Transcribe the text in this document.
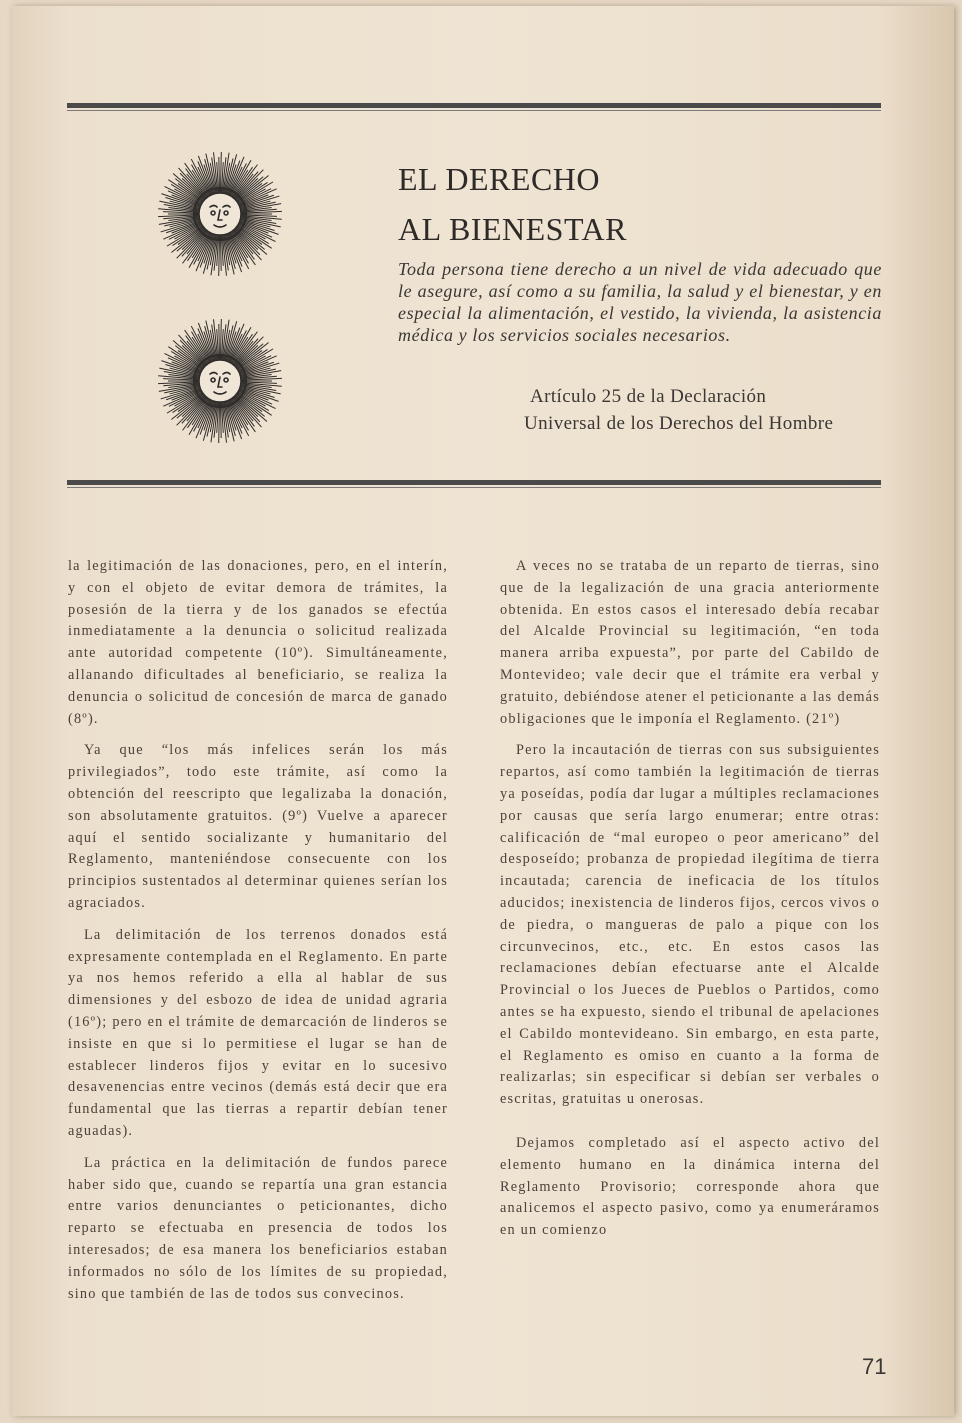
EL DERECHO
AL BIENESTAR

Toda persona tiene derecho a un nivel de vida adecuado que le asegure, así como a su familia, la salud y el bienestar, y en especial la alimentación, el vestido, la vivienda, la asistencia médica y los servicios sociales necesarios.

Artículo 25 de la Declaración
Universal de los Derechos del Hombre

la legitimación de las donaciones, pero, en el interín, y con el objeto de evitar demora de trámites, la posesión de la tierra y de los ganados se efectúa inmediatamente a la denuncia o solicitud realizada ante autoridad competente (10º). Simultáneamente, allanando dificultades al beneficiario, se realiza la denuncia o solicitud de concesión de marca de ganado (8º).

Ya que “los más infelices serán los más privilegiados”, todo este trámite, así como la obtención del reescripto que legalizaba la donación, son absolutamente gratuitos. (9º) Vuelve a aparecer aquí el sentido socializante y humanitario del Reglamento, manteniéndose consecuente con los principios sustentados al determinar quienes serían los agraciados.

La delimitación de los terrenos donados está expresamente contemplada en el Reglamento. En parte ya nos hemos referido a ella al hablar de sus dimensiones y del esbozo de idea de unidad agraria (16º); pero en el trámite de demarcación de linderos se insiste en que si lo permitiese el lugar se han de establecer linderos fijos y evitar en lo sucesivo desavenencias entre vecinos (demás está decir que era fundamental que las tierras a repartir debían tener aguadas).

La práctica en la delimitación de fundos parece haber sido que, cuando se repartía una gran estancia entre varios denunciantes o peticionantes, dicho reparto se efectuaba en presencia de todos los interesados; de esa manera los beneficiarios estaban informados no sólo de los límites de su propiedad, sino que también de las de todos sus convecinos.

A veces no se trataba de un reparto de tierras, sino que de la legalización de una gracia anteriormente obtenida. En estos casos el interesado debía recabar del Alcalde Provincial su legitimación, “en toda manera arriba expuesta”, por parte del Cabildo de Montevideo; vale decir que el trámite era verbal y gratuito, debiéndose atener el peticionante a las demás obligaciones que le imponía el Reglamento. (21º)

Pero la incautación de tierras con sus subsiguientes repartos, así como también la legitimación de tierras ya poseídas, podía dar lugar a múltiples reclamaciones por causas que sería largo enumerar; entre otras: calificación de “mal europeo o peor americano” del desposeído; probanza de propiedad ilegítima de tierra incautada; carencia de ineficacia de los títulos aducidos; inexistencia de linderos fijos, cercos vivos o de piedra, o mangueras de palo a pique con los circunvecinos, etc., etc. En estos casos las reclamaciones debían efectuarse ante el Alcalde Provincial o los Jueces de Pueblos o Partidos, como antes se ha expuesto, siendo el tribunal de apelaciones el Cabildo montevideano. Sin embargo, en esta parte, el Reglamento es omiso en cuanto a la forma de realizarlas; sin especificar si debían ser verbales o escritas, gratuitas u onerosas.

Dejamos completado así el aspecto activo del elemento humano en la dinámica interna del Reglamento Provisorio; corresponde ahora que analicemos el aspecto pasivo, como ya enumeráramos en un comienzo

71
